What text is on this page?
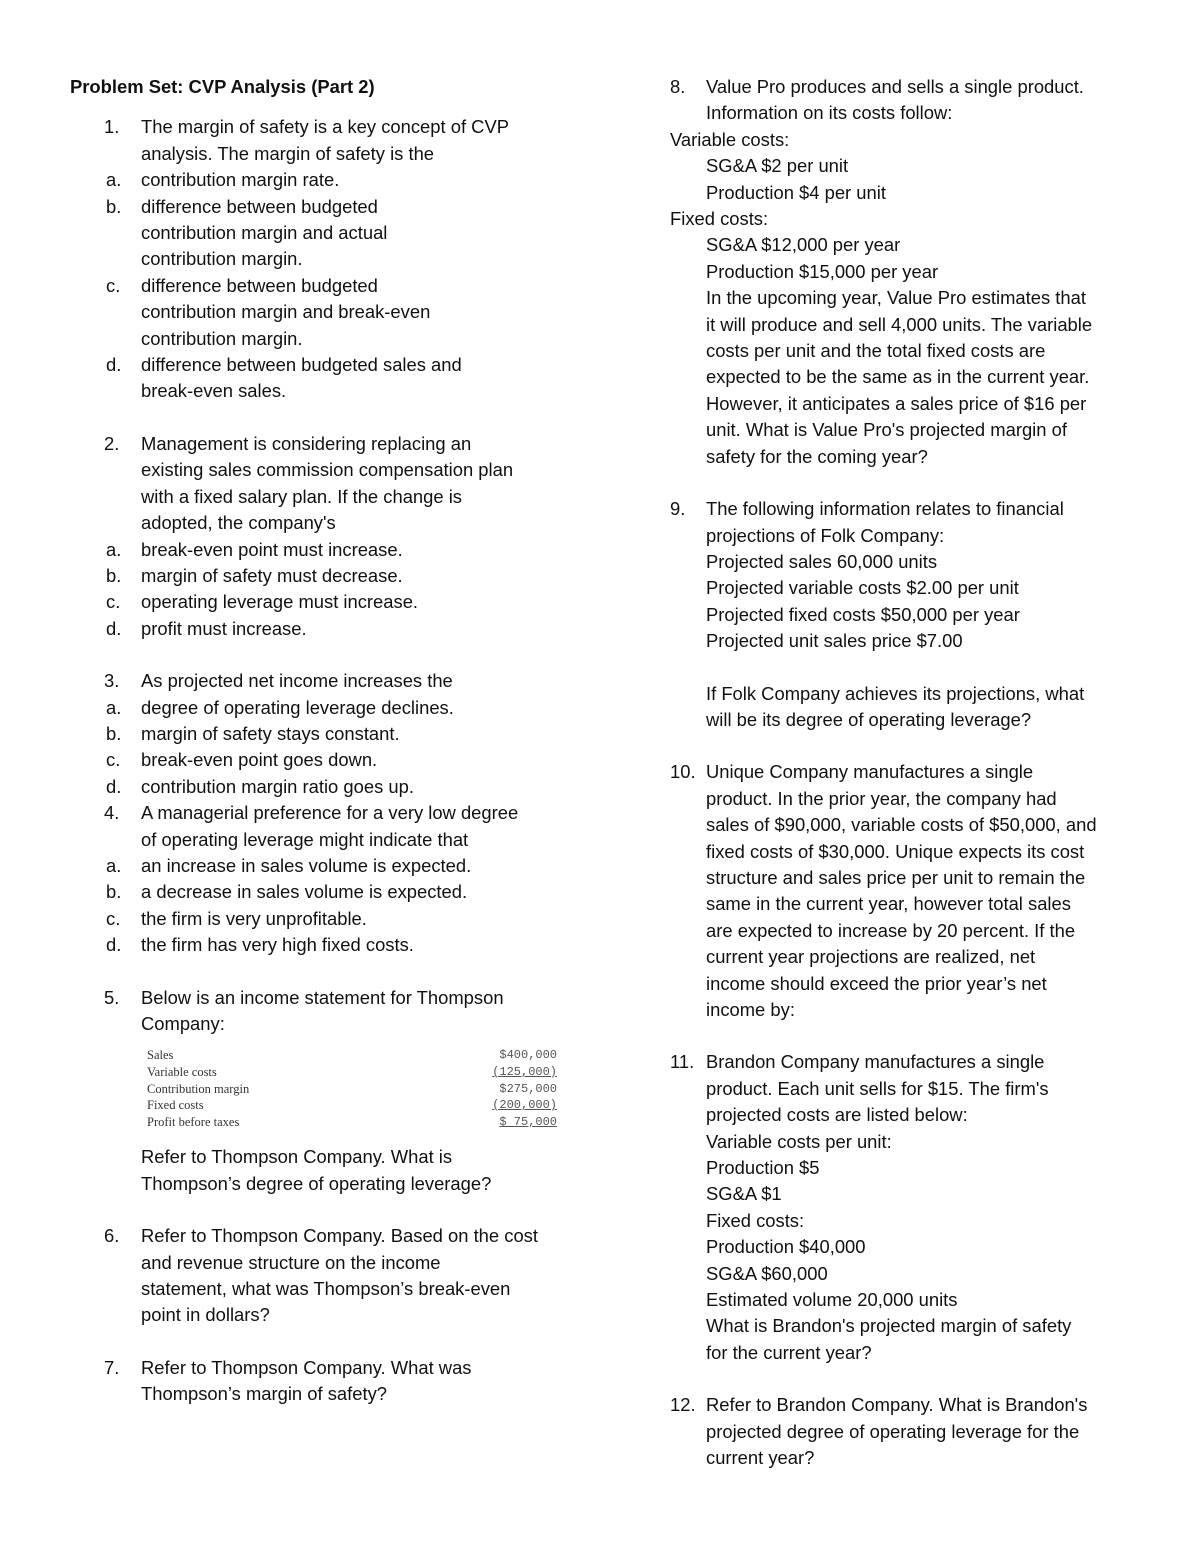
Problem Set: CVP Analysis (Part 2)
1.	The margin of safety is a key concept of CVP
analysis. The margin of safety is the
a. contribution margin rate.
b. difference between budgeted
contribution margin and actual
contribution margin.
c. difference between budgeted
contribution margin and break-even
contribution margin.
d. difference between budgeted sales and
break-even sales.
2.	Management is considering replacing an
existing sales commission compensation plan
with a fixed salary plan. If the change is
adopted, the company's
a. break-even point must increase.
b. margin of safety must decrease.
c. operating leverage must increase.
d. profit must increase.
3.	As projected net income increases the
a. degree of operating leverage declines.
b. margin of safety stays constant.
c. break-even point goes down.
d. contribution margin ratio goes up.
4.	A managerial preference for a very low degree
of operating leverage might indicate that
a. an increase in sales volume is expected.
b. a decrease in sales volume is expected.
c. the firm is very unprofitable.
d. the firm has very high fixed costs.
5.	Below is an income statement for Thompson
Company:
Sales	$400,000
Variable costs	(125,000)
Contribution margin	$275,000
Fixed costs	(200,000)
Profit before taxes	$ 75,000
Refer to Thompson Company. What is
Thompson’s degree of operating leverage?
6.	Refer to Thompson Company. Based on the cost
and revenue structure on the income
statement, what was Thompson’s break-even
point in dollars?
7.	Refer to Thompson Company. What was
Thompson’s margin of safety?
8.	Value Pro produces and sells a single product.
Information on its costs follow:
Variable costs:
SG&A $2 per unit
Production $4 per unit
Fixed costs:
SG&A $12,000 per year
Production $15,000 per year
In the upcoming year, Value Pro estimates that
it will produce and sell 4,000 units. The variable
costs per unit and the total fixed costs are
expected to be the same as in the current year.
However, it anticipates a sales price of $16 per
unit. What is Value Pro's projected margin of
safety for the coming year?
9.	The following information relates to financial
projections of Folk Company:
Projected sales 60,000 units
Projected variable costs $2.00 per unit
Projected fixed costs $50,000 per year
Projected unit sales price $7.00
If Folk Company achieves its projections, what
will be its degree of operating leverage?
10. Unique Company manufactures a single
product. In the prior year, the company had
sales of $90,000, variable costs of $50,000, and
fixed costs of $30,000. Unique expects its cost
structure and sales price per unit to remain the
same in the current year, however total sales
are expected to increase by 20 percent. If the
current year projections are realized, net
income should exceed the prior year’s net
income by:
11. Brandon Company manufactures a single
product. Each unit sells for $15. The firm's
projected costs are listed below:
Variable costs per unit:
Production $5
SG&A $1
Fixed costs:
Production $40,000
SG&A $60,000
Estimated volume 20,000 units
What is Brandon's projected margin of safety
for the current year?
12. Refer to Brandon Company. What is Brandon's
projected degree of operating leverage for the
current year?
